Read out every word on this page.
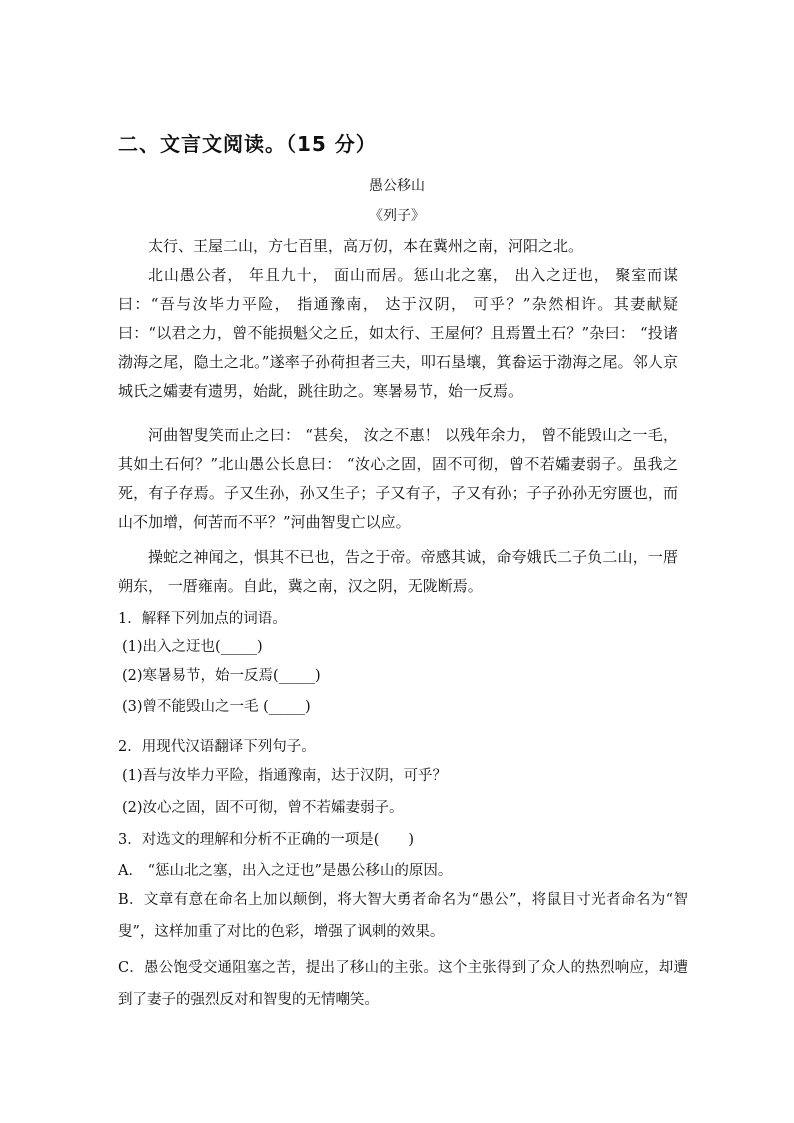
二、文言文阅读。（15 分）
愚公移山
《列子》

太行、王屋二山，方七百里，高万仞，本在冀州之南，河阳之北。

北山愚公者， 年且九十， 面山而居。惩山北之塞， 出入之迂也， 聚室而谋曰：“吾与汝毕力平险， 指通豫南， 达于汉阴， 可乎？”杂然相许。其妻献疑曰：“以君之力，曾不能损魁父之丘，如太行、王屋何？且焉置土石？”杂曰： “投诸渤海之尾，隐土之北。”遂率子孙荷担者三夫，叩石垦壤，箕畚运于渤海之尾。邻人京城氏之孀妻有遗男，始龀，跳往助之。寒暑易节，始一反焉。

河曲智叟笑而止之曰： “甚矣， 汝之不惠！ 以残年余力， 曾不能毁山之一毛，其如土石何？”北山愚公长息曰： “汝心之固，固不可彻，曾不若孀妻弱子。虽我之死，有子存焉。子又生孙，孙又生子；子又有子，子又有孙；子子孙孙无穷匮也，而山不加增，何苦而不平？”河曲智叟亡以应。

操蛇之神闻之，惧其不已也，告之于帝。帝感其诚，命夸娥氏二子负二山，一厝朔东， 一厝雍南。自此，冀之南，汉之阴，无陇断焉。

1．解释下列加点的词语。

(1)出入之迂也(_____)

(2)寒暑易节，始一反焉(_____)

(3)曾不能毁山之一毛 (_____)

2．用现代汉语翻译下列句子。

(1)吾与汝毕力平险，指通豫南，达于汉阴，可乎？

(2)汝心之固，固不可彻，曾不若孀妻弱子。

3．对选文的理解和分析不正确的一项是(　　)

A． “惩山北之塞，出入之迂也”是愚公移山的原因。

B．文章有意在命名上加以颠倒，将大智大勇者命名为“愚公”，将鼠目寸光者命名为“智叟”，这样加重了对比的色彩，增强了讽刺的效果。

C．愚公饱受交通阻塞之苦，提出了移山的主张。这个主张得到了众人的热烈响应，却遭到了妻子的强烈反对和智叟的无情嘲笑。
